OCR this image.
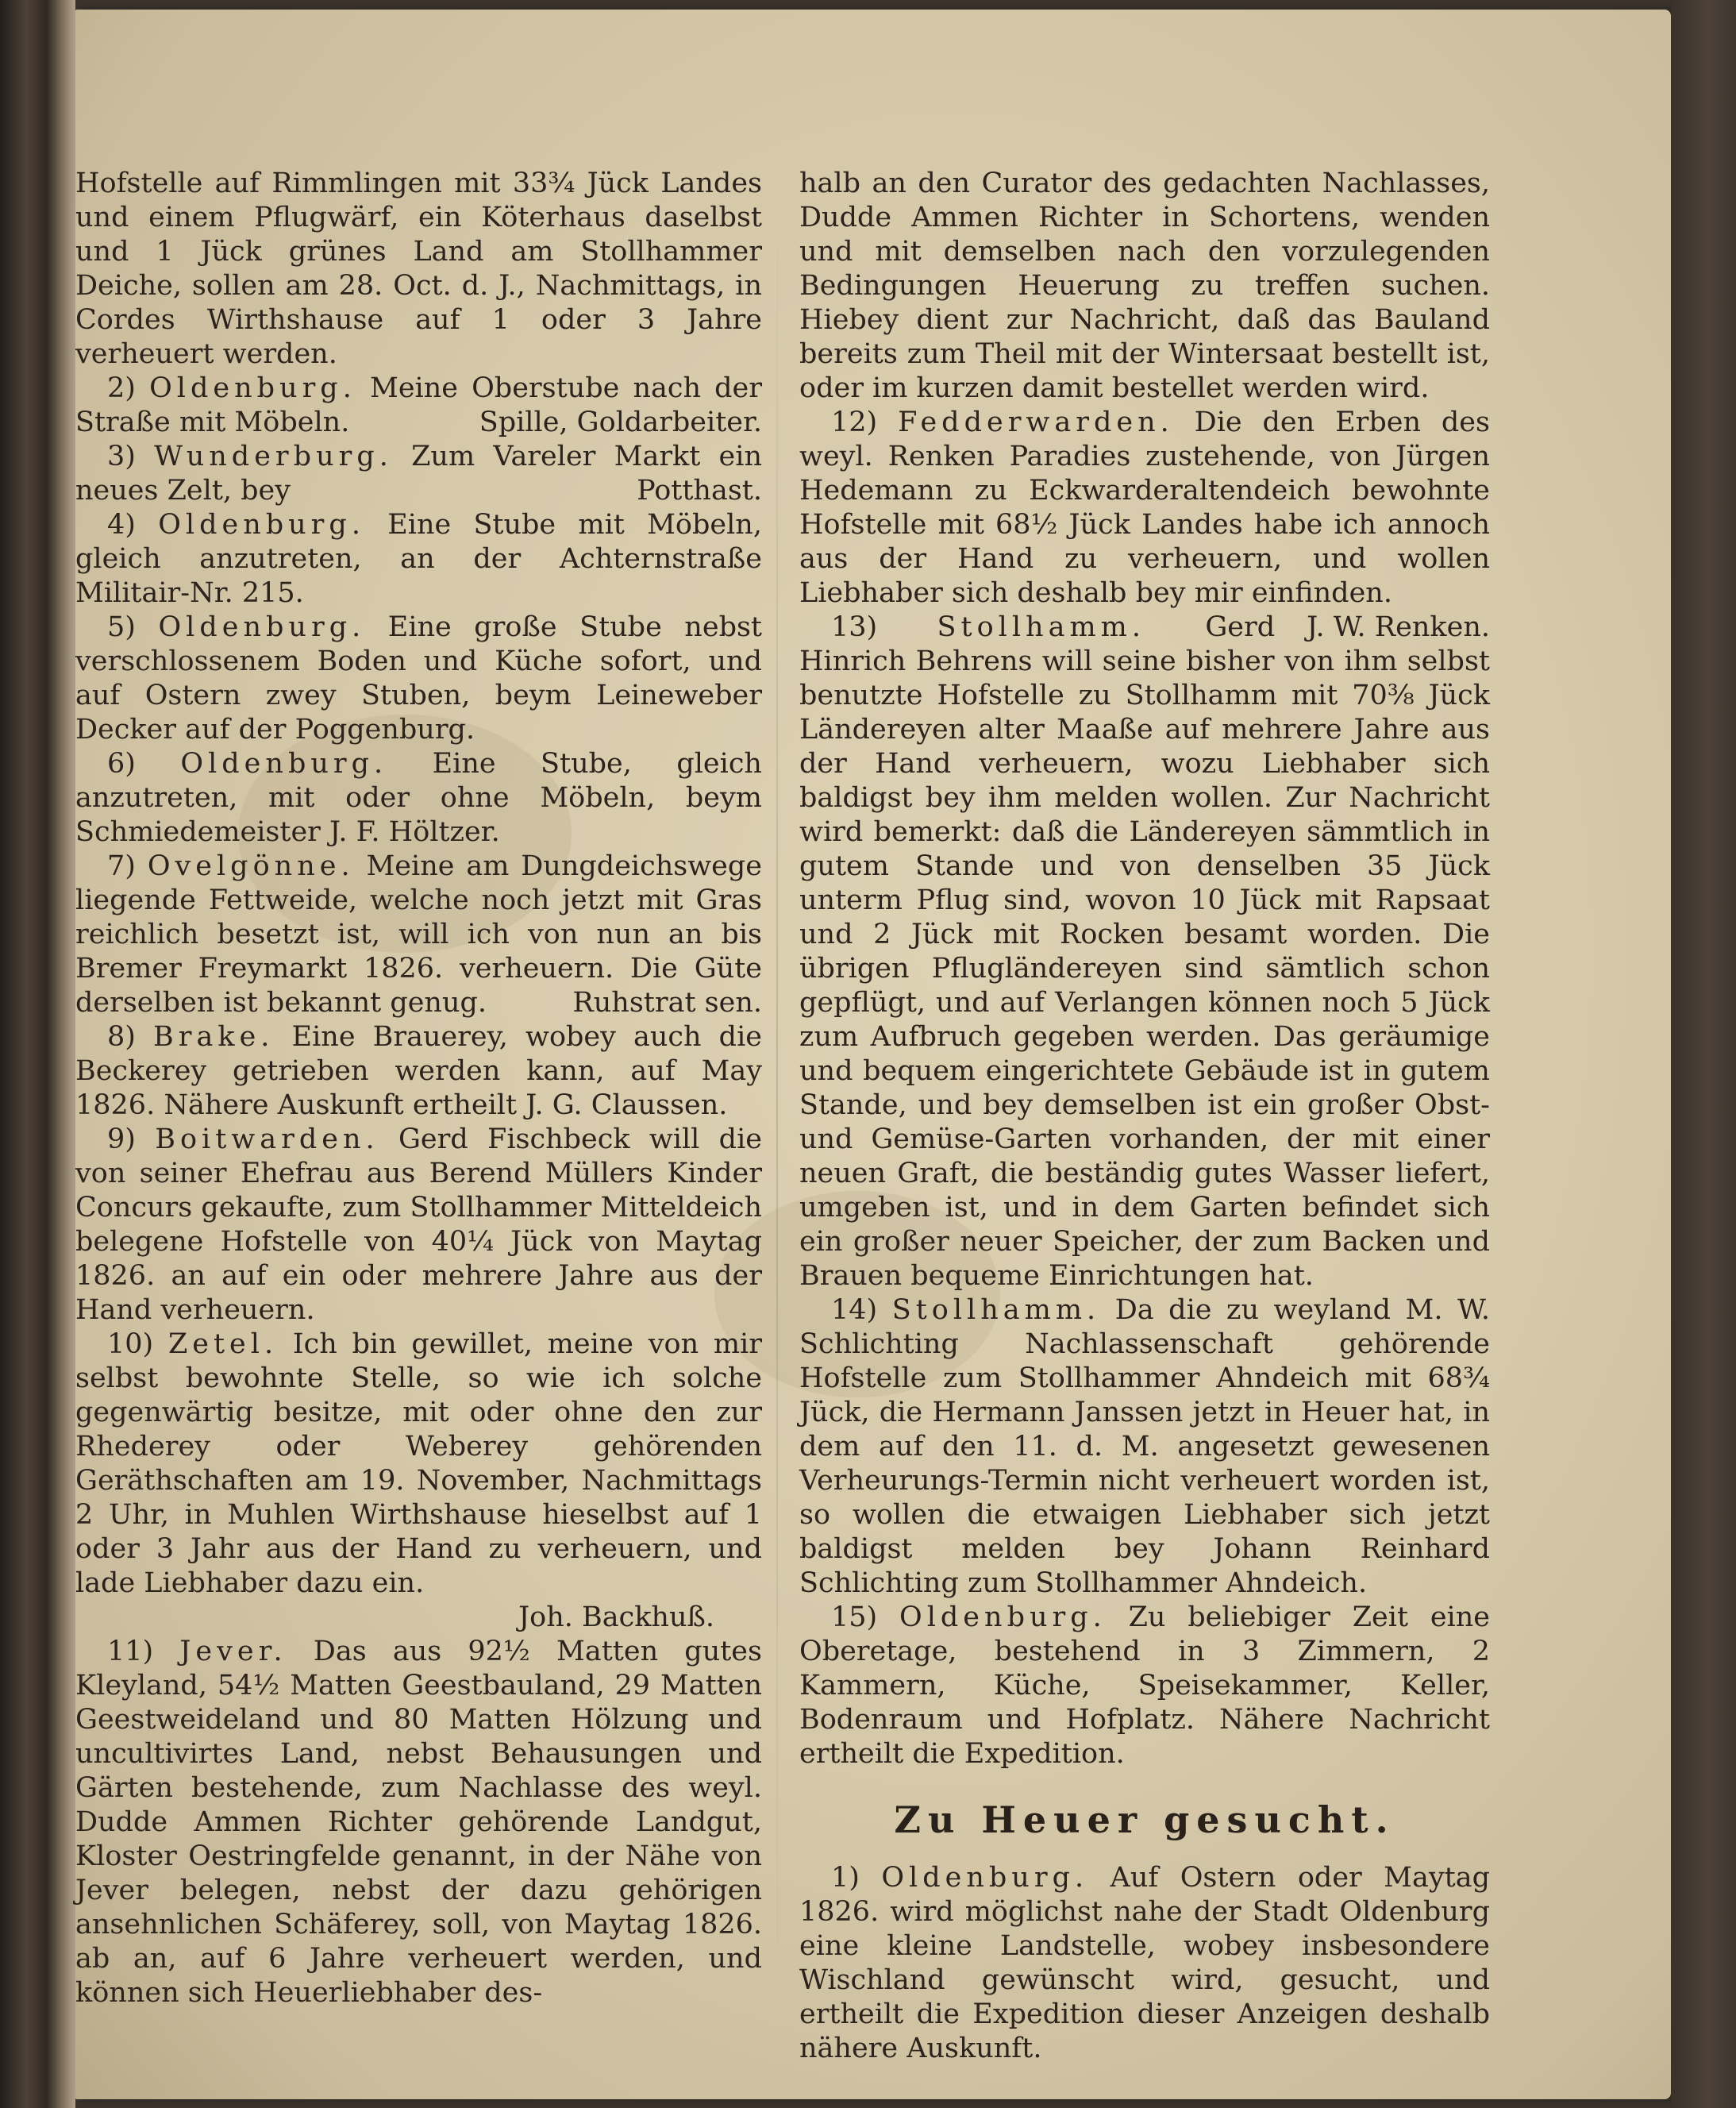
Hofstelle auf Rimmlingen mit 33¾ Jück Landes und einem Pflugwärf, ein Köterhaus daselbst und 1 Jück grünes Land am Stollhammer Deiche, sollen am 28. Oct. d. J., Nachmittags, in Cordes Wirthshause auf 1 oder 3 Jahre verheuert werden.

2) Oldenburg. Meine Oberstube nach der Straße mit Möbeln.	Spille, Goldarbeiter.

3) Wunderburg. Zum Vareler Markt ein neues Zelt, bey	Potthast.

4) Oldenburg. Eine Stube mit Möbeln, gleich anzutreten, an der Achternstraße Militair-Nr. 215.

5) Oldenburg. Eine große Stube nebst verschlossenem Boden und Küche sofort, und auf Ostern zwey Stuben, beym Leineweber Decker auf der Poggenburg.

6) Oldenburg. Eine Stube, gleich anzutreten, mit oder ohne Möbeln, beym Schmiedemeister J. F. Höltzer.

7) Ovelgönne. Meine am Dungdeichswege liegende Fettweide, welche noch jetzt mit Gras reichlich besetzt ist, will ich von nun an bis Bremer Freymarkt 1826. verheuern. Die Güte derselben ist bekannt genug.	Ruhstrat sen.

8) Brake. Eine Brauerey, wobey auch die Beckerey getrieben werden kann, auf May 1826. Nähere Auskunft ertheilt J. G. Claussen.

9) Boitwarden. Gerd Fischbeck will die von seiner Ehefrau aus Berend Müllers Kinder Concurs gekaufte, zum Stollhammer Mitteldeich belegene Hofstelle von 40¼ Jück von Maytag 1826. an auf ein oder mehrere Jahre aus der Hand verheuern.

10) Zetel. Ich bin gewillet, meine von mir selbst bewohnte Stelle, so wie ich solche gegenwärtig besitze, mit oder ohne den zur Rhederey oder Weberey gehörenden Geräthschaften am 19. November, Nachmittags 2 Uhr, in Muhlen Wirthshause hieselbst auf 1 oder 3 Jahr aus der Hand zu verheuern, und lade Liebhaber dazu ein.
Joh. Backhuß.

11) Jever. Das aus 92½ Matten gutes Kleyland, 54½ Matten Geestbauland, 29 Matten Geestweideland und 80 Matten Hölzung und uncultivirtes Land, nebst Behausungen und Gärten bestehende, zum Nachlasse des weyl. Dudde Ammen Richter gehörende Landgut, Kloster Oestringfelde genannt, in der Nähe von Jever belegen, nebst der dazu gehörigen ansehnlichen Schäferey, soll, von Maytag 1826. ab an, auf 6 Jahre verheuert werden, und können sich Heuerliebhaber des-

halb an den Curator des gedachten Nachlasses, Dudde Ammen Richter in Schortens, wenden und mit demselben nach den vorzulegenden Bedingungen Heuerung zu treffen suchen. Hiebey dient zur Nachricht, daß das Bauland bereits zum Theil mit der Wintersaat bestellt ist, oder im kurzen damit bestellet werden wird.

12) Fedderwarden. Die den Erben des weyl. Renken Paradies zustehende, von Jürgen Hedemann zu Eckwarderaltendeich bewohnte Hofstelle mit 68½ Jück Landes habe ich annoch aus der Hand zu verheuern, und wollen Liebhaber sich deshalb bey mir einfinden.
J. W. Renken.

13) Stollhamm. Gerd Hinrich Behrens will seine bisher von ihm selbst benutzte Hofstelle zu Stollhamm mit 70⅜ Jück Ländereyen alter Maaße auf mehrere Jahre aus der Hand verheuern, wozu Liebhaber sich baldigst bey ihm melden wollen. Zur Nachricht wird bemerkt: daß die Ländereyen sämmtlich in gutem Stande und von denselben 35 Jück unterm Pflug sind, wovon 10 Jück mit Rapsaat und 2 Jück mit Rocken besamt worden. Die übrigen Pflugländereyen sind sämtlich schon gepflügt, und auf Verlangen können noch 5 Jück zum Aufbruch gegeben werden. Das geräumige und bequem eingerichtete Gebäude ist in gutem Stande, und bey demselben ist ein großer Obst- und Gemüse-Garten vorhanden, der mit einer neuen Graft, die beständig gutes Wasser liefert, umgeben ist, und in dem Garten befindet sich ein großer neuer Speicher, der zum Backen und Brauen bequeme Einrichtungen hat.

14) Stollhamm. Da die zu weyland M. W. Schlichting Nachlassenschaft gehörende Hofstelle zum Stollhammer Ahndeich mit 68¾ Jück, die Hermann Janssen jetzt in Heuer hat, in dem auf den 11. d. M. angesetzt gewesenen Verheurungs-Termin nicht verheuert worden ist, so wollen die etwaigen Liebhaber sich jetzt baldigst melden bey Johann Reinhard Schlichting zum Stollhammer Ahndeich.

15) Oldenburg. Zu beliebiger Zeit eine Oberetage, bestehend in 3 Zimmern, 2 Kammern, Küche, Speisekammer, Keller, Bodenraum und Hofplatz. Nähere Nachricht ertheilt die Expedition.

Zu Heuer gesucht.

1) Oldenburg. Auf Ostern oder Maytag 1826. wird möglichst nahe der Stadt Oldenburg eine kleine Landstelle, wobey insbesondere Wischland gewünscht wird, gesucht, und ertheilt die Expedition dieser Anzeigen deshalb nähere Auskunft.
